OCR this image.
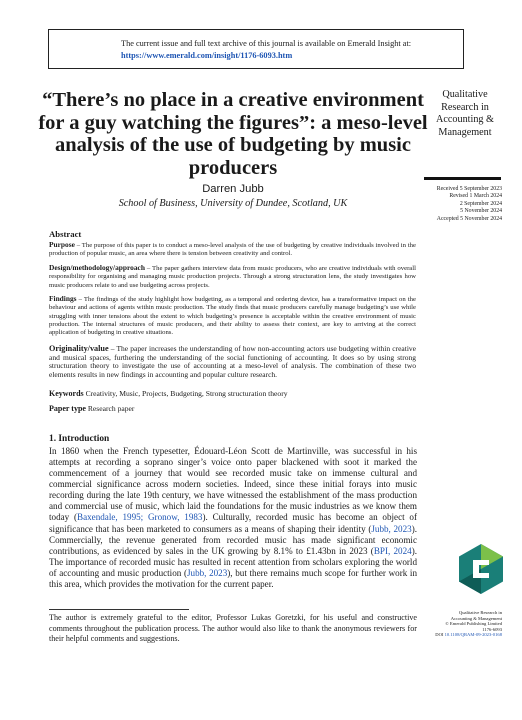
The current issue and full text archive of this journal is available on Emerald Insight at:
https://www.emerald.com/insight/1176-6093.htm
“There’s no place in a creative environment for a guy watching the figures”: a meso-level analysis of the use of budgeting by music producers
Darren Jubb
School of Business, University of Dundee, Scotland, UK
Qualitative Research in Accounting & Management
Received 5 September 2023
Revised 1 March 2024
2 September 2024
5 November 2024
Accepted 5 November 2024
Abstract
Purpose – The purpose of this paper is to conduct a meso-level analysis of the use of budgeting by creative individuals involved in the production of popular music, an area where there is tension between creativity and control.
Design/methodology/approach – The paper gathers interview data from music producers, who are creative individuals with overall responsibility for organising and managing music production projects. Through a strong structuration lens, the study investigates how music producers relate to and use budgeting across projects.
Findings – The findings of the study highlight how budgeting, as a temporal and ordering device, has a transformative impact on the behaviour and actions of agents within music production. The study finds that music producers carefully manage budgeting’s use while struggling with inner tensions about the extent to which budgeting’s presence is acceptable within the creative environment of music production. The internal structures of music producers, and their ability to assess their context, are key to arriving at the correct application of budgeting in creative situations.
Originality/value – The paper increases the understanding of how non-accounting actors use budgeting within creative and musical spaces, furthering the understanding of the social functioning of accounting. It does so by using strong structuration theory to investigate the use of accounting at a meso-level of analysis. The combination of these two elements results in new findings in accounting and popular culture research.
Keywords Creativity, Music, Projects, Budgeting, Strong structuration theory
Paper type Research paper
1. Introduction
In 1860 when the French typesetter, Édouard-Léon Scott de Martinville, was successful in his attempts at recording a soprano singer’s voice onto paper blackened with soot it marked the commencement of a journey that would see recorded music take on immense cultural and commercial significance across modern societies. Indeed, since these initial forays into music recording during the late 19th century, we have witnessed the establishment of the mass production and commercial use of music, which laid the foundations for the music industries as we know them today (Baxendale, 1995; Gronow, 1983). Culturally, recorded music has become an object of significance that has been marketed to consumers as a means of shaping their identity (Jubb, 2023). Commercially, the revenue generated from recorded music has made significant economic contributions, as evidenced by sales in the UK growing by 8.1% to £1.43bn in 2023 (BPI, 2024). The importance of recorded music has resulted in recent attention from scholars exploring the world of accounting and music production (Jubb, 2023), but there remains much scope for further work in this area, which provides the motivation for the current paper.
The author is extremely grateful to the editor, Professor Lukas Goretzki, for his useful and constructive comments throughout the publication process. The author would also like to thank the anonymous reviewers for their helpful comments and suggestions.
Qualitative Research in
Accounting & Management
© Emerald Publishing Limited
1176-6093
DOI 10.1108/QRAM-09-2023-0168
